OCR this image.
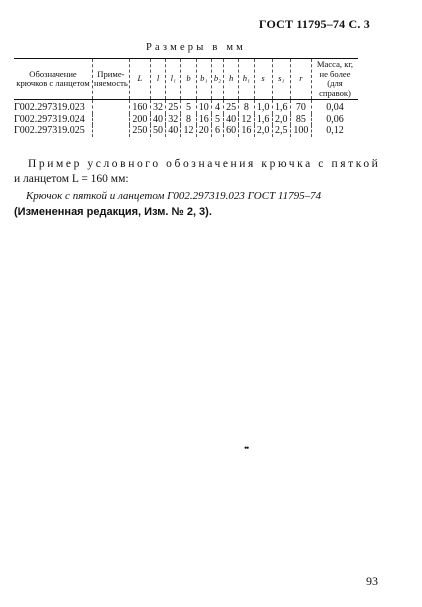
ГОСТ 11795–74 С. 3
Размеры в мм
Обозначение крючков с ланцетом	Приме-няемость	L	l	l₁	b	b₁	b₂	h	h₁	s	s₁	r	Масса, кг, не более (для справок)
Г002.297319.023		160	32	25	5	10	4	25	8	1,0	1,6	70	0,04
Г002.297319.024		200	40	32	8	16	5	40	12	1,6	2,0	85	0,06
Г002.297319.025		250	50	40	12	20	6	60	16	2,0	2,5	100	0,12
Пример условного обозначения крючка с пяткой
и ланцетом L = 160 мм:
Крючок с пяткой и ланцетом Г002.297319.023 ГОСТ 11795–74
(Измененная редакция, Изм. № 2, 3).
••
93
